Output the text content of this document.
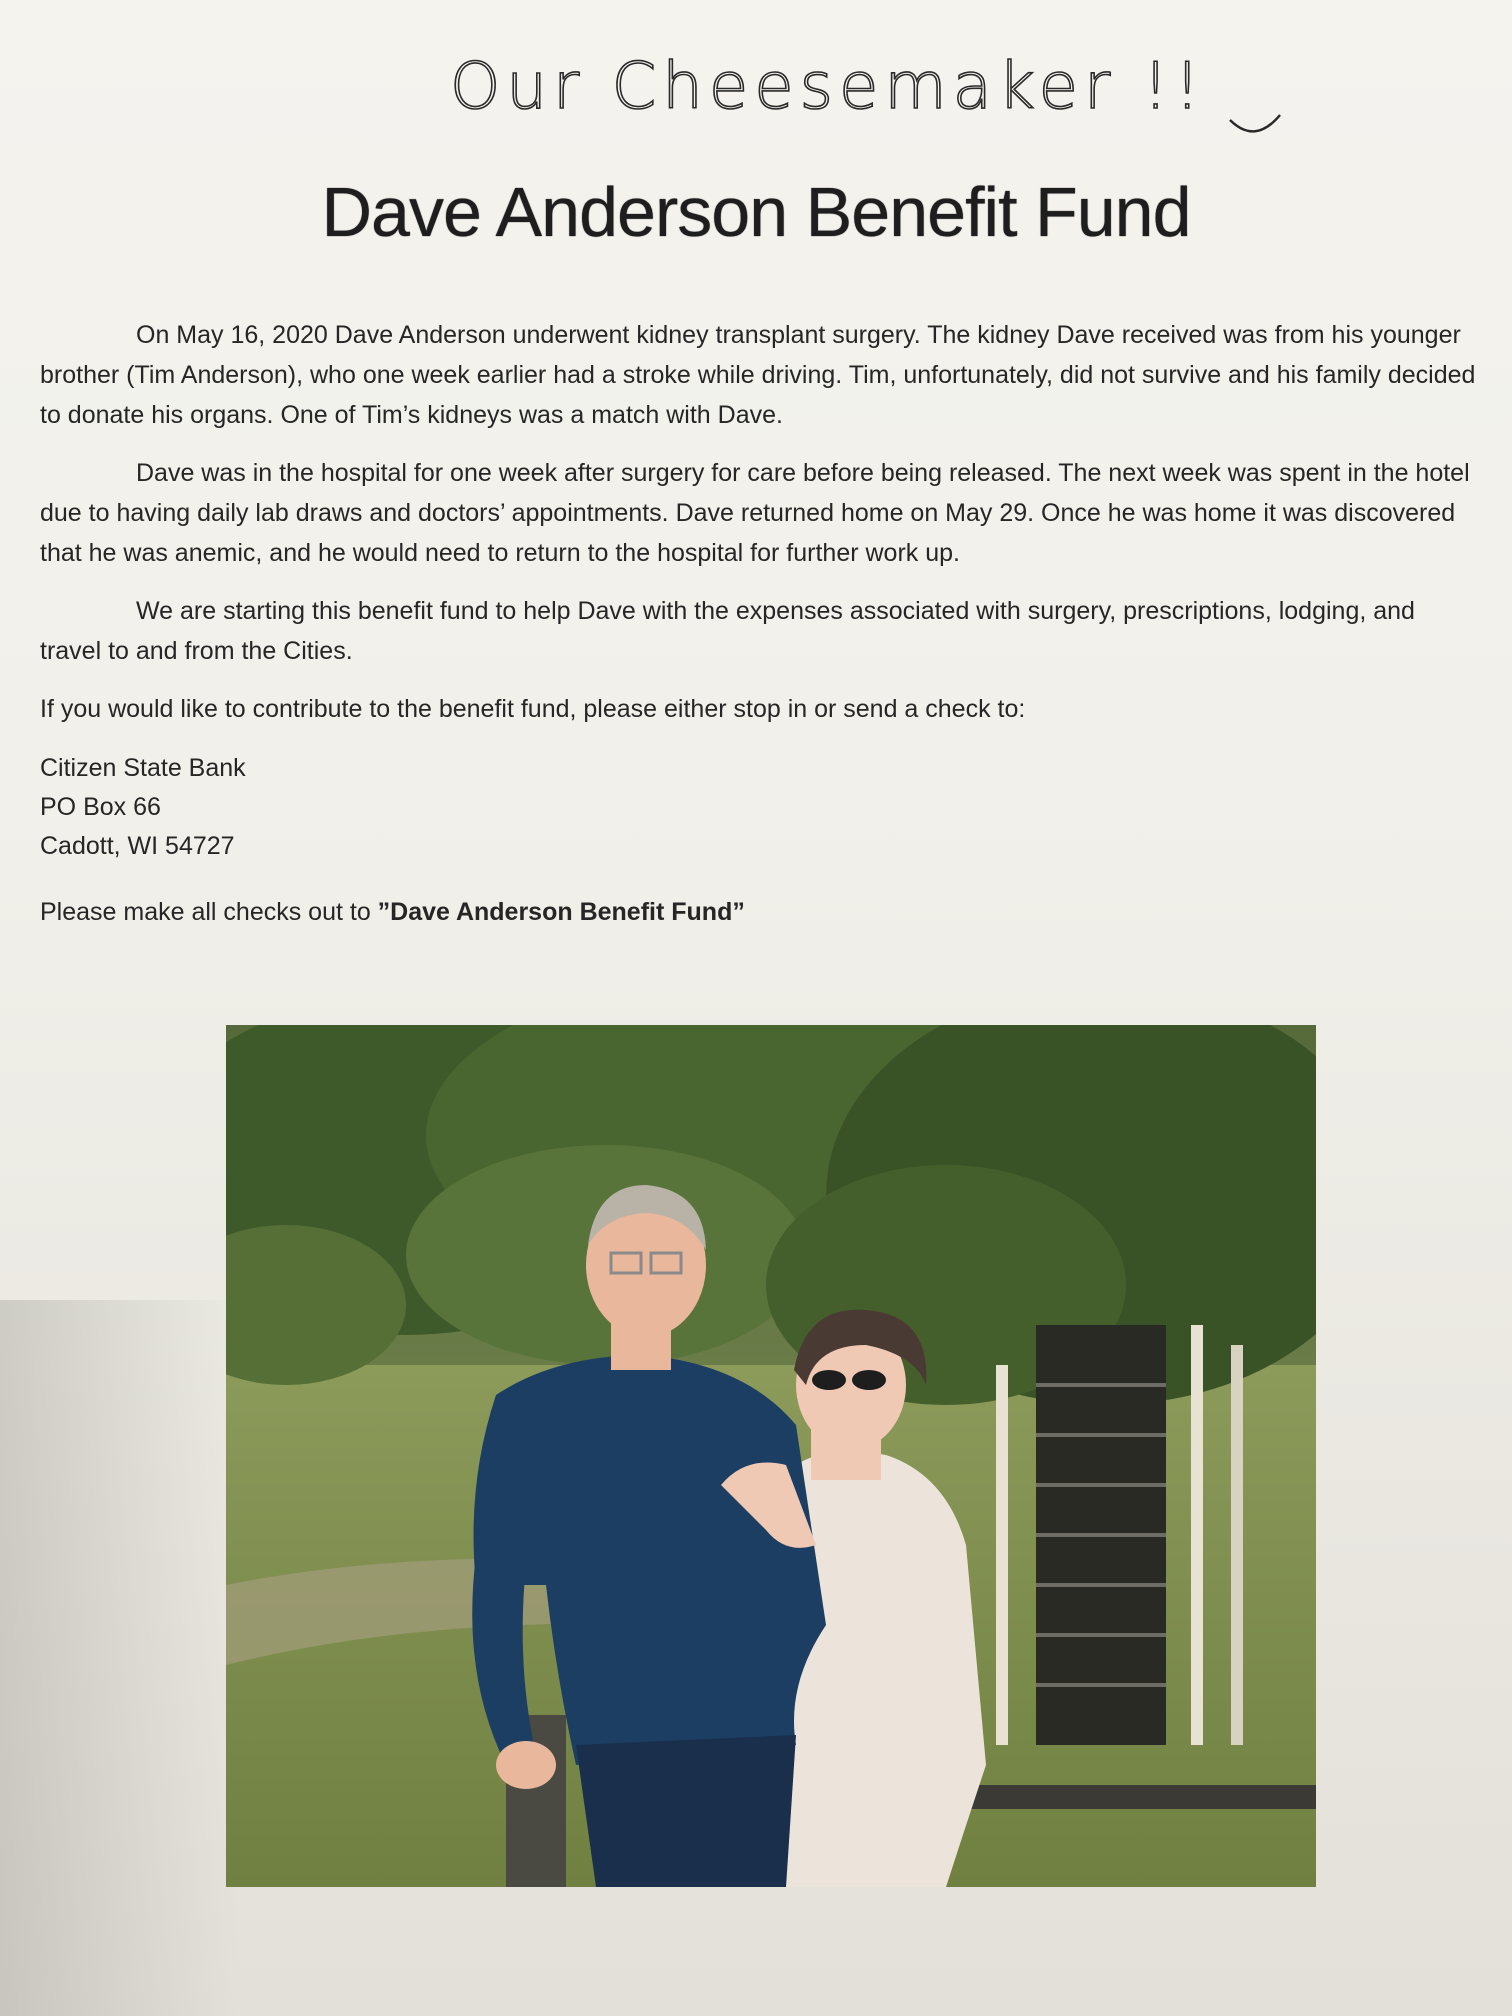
Our Cheesemaker !!
Dave Anderson Benefit Fund

On May 16, 2020 Dave Anderson underwent kidney transplant surgery. The kidney Dave received was from his younger brother (Tim Anderson), who one week earlier had a stroke while driving. Tim, unfortunately, did not survive and his family decided to donate his organs. One of Tim’s kidneys was a match with Dave.

Dave was in the hospital for one week after surgery for care before being released. The next week was spent in the hotel due to having daily lab draws and doctors’ appointments. Dave returned home on May 29. Once he was home it was discovered that he was anemic, and he would need to return to the hospital for further work up.

We are starting this benefit fund to help Dave with the expenses associated with surgery, prescriptions, lodging, and travel to and from the Cities.

If you would like to contribute to the benefit fund, please either stop in or send a check to:

Citizen State Bank
PO Box 66
Cadott, WI 54727

Please make all checks out to ”Dave Anderson Benefit Fund”
